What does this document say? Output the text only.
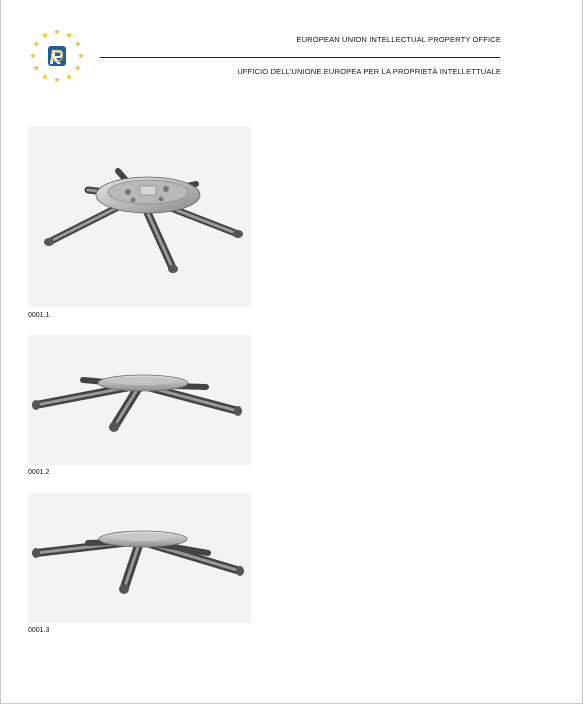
EUROPEAN UNION INTELLECTUAL PROPERTY OFFICE
UFFICIO DELL'UNIONE EUROPEA PER LA PROPRIETÀ INTELLETTUALE
0001.1
0001.2
0001.3
